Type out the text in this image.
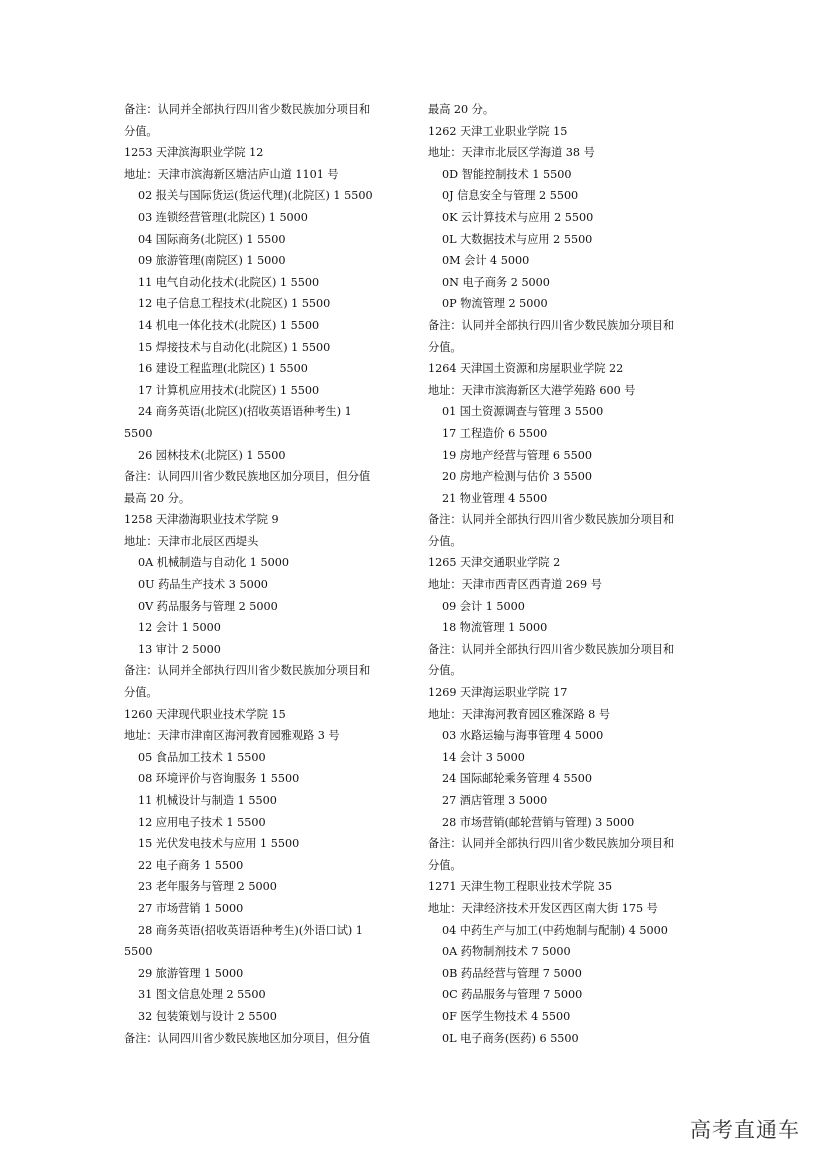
备注：认同并全部执行四川省少数民族加分项目和
分值。
1253 天津滨海职业学院 12
地址：天津市滨海新区塘沽庐山道 1101 号
02 报关与国际货运(货运代理)(北院区) 1 5500
03 连锁经营管理(北院区) 1 5000
04 国际商务(北院区) 1 5500
09 旅游管理(南院区) 1 5000
11 电气自动化技术(北院区) 1 5500
12 电子信息工程技术(北院区) 1 5500
14 机电一体化技术(北院区) 1 5500
15 焊接技术与自动化(北院区) 1 5500
16 建设工程监理(北院区) 1 5500
17 计算机应用技术(北院区) 1 5500
24 商务英语(北院区)(招收英语语种考生) 1
5500
26 园林技术(北院区) 1 5500
备注：认同四川省少数民族地区加分项目，但分值
最高 20 分。
1258 天津渤海职业技术学院 9
地址：天津市北辰区西堤头
0A 机械制造与自动化 1 5000
0U 药品生产技术 3 5000
0V 药品服务与管理 2 5000
12 会计 1 5000
13 审计 2 5000
备注：认同并全部执行四川省少数民族加分项目和
分值。
1260 天津现代职业技术学院 15
地址：天津市津南区海河教育园雅观路 3 号
05 食品加工技术 1 5500
08 环境评价与咨询服务 1 5500
11 机械设计与制造 1 5500
12 应用电子技术 1 5500
15 光伏发电技术与应用 1 5500
22 电子商务 1 5500
23 老年服务与管理 2 5000
27 市场营销 1 5000
28 商务英语(招收英语语种考生)(外语口试) 1
5500
29 旅游管理 1 5000
31 图文信息处理 2 5500
32 包装策划与设计 2 5500
备注：认同四川省少数民族地区加分项目，但分值
最高 20 分。
1262 天津工业职业学院 15
地址：天津市北辰区学海道 38 号
0D 智能控制技术 1 5500
0J 信息安全与管理 2 5500
0K 云计算技术与应用 2 5500
0L 大数据技术与应用 2 5500
0M 会计 4 5000
0N 电子商务 2 5000
0P 物流管理 2 5000
备注：认同并全部执行四川省少数民族加分项目和
分值。
1264 天津国土资源和房屋职业学院 22
地址：天津市滨海新区大港学苑路 600 号
01 国土资源调查与管理 3 5500
17 工程造价 6 5500
19 房地产经营与管理 6 5500
20 房地产检测与估价 3 5500
21 物业管理 4 5500
备注：认同并全部执行四川省少数民族加分项目和
分值。
1265 天津交通职业学院 2
地址：天津市西青区西青道 269 号
09 会计 1 5000
18 物流管理 1 5000
备注：认同并全部执行四川省少数民族加分项目和
分值。
1269 天津海运职业学院 17
地址：天津海河教育园区雅深路 8 号
03 水路运输与海事管理 4 5000
14 会计 3 5000
24 国际邮轮乘务管理 4 5500
27 酒店管理 3 5000
28 市场营销(邮轮营销与管理) 3 5000
备注：认同并全部执行四川省少数民族加分项目和
分值。
1271 天津生物工程职业技术学院 35
地址：天津经济技术开发区西区南大街 175 号
04 中药生产与加工(中药炮制与配制) 4 5000
0A 药物制剂技术 7 5000
0B 药品经营与管理 7 5000
0C 药品服务与管理 7 5000
0F 医学生物技术 4 5500
0L 电子商务(医药) 6 5500
高考直通车
